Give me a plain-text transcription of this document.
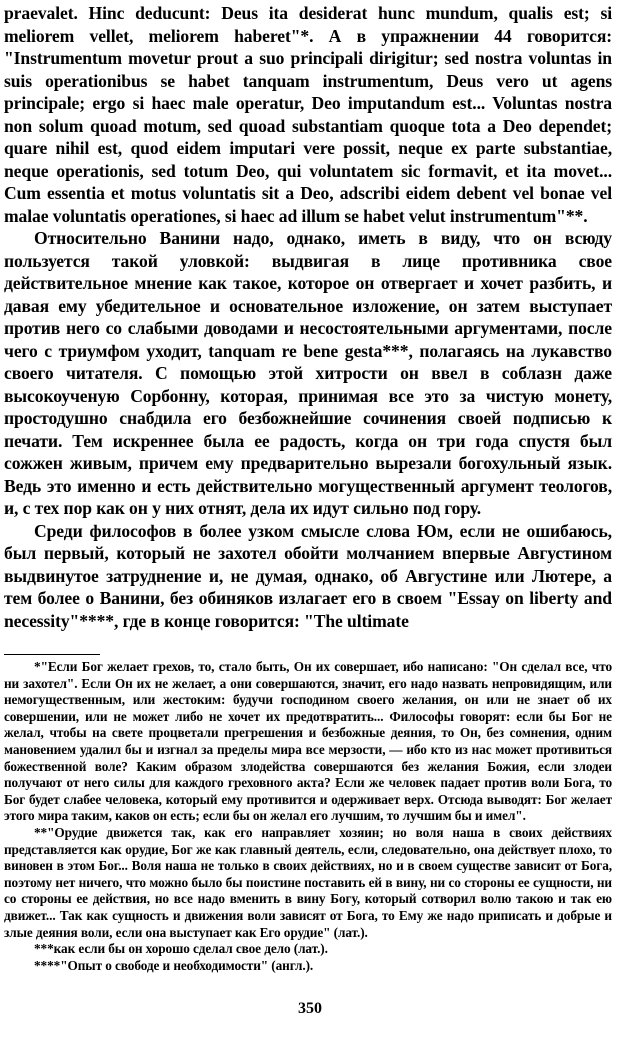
praevalet. Hinc deducunt: Deus ita desiderat hunc mundum, qualis est; si meliorem vellet, meliorem haberet"*. А в упражнении 44 говорится: "Instrumentum movetur prout a suo principali dirigitur; sed nostra voluntas in suis operationibus se habet tanquam instrumentum, Deus vero ut agens principale; ergo si haec male operatur, Deo imputandum est... Voluntas nostra non solum quoad motum, sed quoad substantiam quoque tota a Deo dependet; quare nihil est, quod eidem imputari vere possit, neque ex parte substantiae, neque operationis, sed totum Deo, qui voluntatem sic formavit, et ita movet... Cum essentia et motus voluntatis sit a Deo, adscribi eidem debent vel bonae vel malae voluntatis operationes, si haec ad illum se habet velut instrumentum"**.

Относительно Ванини надо, однако, иметь в виду, что он всюду пользуется такой уловкой: выдвигая в лице противника свое действительное мнение как такое, которое он отвергает и хочет разбить, и давая ему убедительное и основательное изложение, он затем выступает против него со слабыми доводами и несостоятельными аргументами, после чего с триумфом уходит, tanquam re bene gesta***, полагаясь на лукавство своего читателя. С помощью этой хитрости он ввел в соблазн даже высокоученую Сорбонну, которая, принимая все это за чистую монету, простодушно снабдила его безбожнейшие сочинения своей подписью к печати. Тем искреннее была ее радость, когда он три года спустя был сожжен живым, причем ему предварительно вырезали богохульный язык. Ведь это именно и есть действительно могущественный аргумент теологов, и, с тех пор как он у них отнят, дела их идут сильно под гору.

Среди философов в более узком смысле слова Юм, если не ошибаюсь, был первый, который не захотел обойти молчанием впервые Августином выдвинутое затруднение и, не думая, однако, об Августине или Лютере, а тем более о Ванини, без обиняков излагает его в своем "Essay on liberty and necessity"****, где в конце говорится: "The ultimate

*"Если Бог желает грехов, то, стало быть, Он их совершает, ибо написано: "Он сделал все, что ни захотел". Если Он их не желает, а они совершаются, значит, его надо назвать непровидящим, или немогущественным, или жестоким: будучи господином своего желания, он или не знает об их совершении, или не может либо не хочет их предотвратить... Философы говорят: если бы Бог не желал, чтобы на свете процветали прегрешения и безбожные деяния, то Он, без сомнения, одним мановением удалил бы и изгнал за пределы мира все мерзости, — ибо кто из нас может противиться божественной воле? Каким образом злодейства совершаются без желания Божия, если злодеи получают от него силы для каждого греховного акта? Если же человек падает против воли Бога, то Бог будет слабее человека, который ему противится и одерживает верх. Отсюда выводят: Бог желает этого мира таким, каков он есть; если бы он желал его лучшим, то лучшим бы и имел".

**"Орудие движется так, как его направляет хозяин; но воля наша в своих действиях представляется как орудие, Бог же как главный деятель, если, следовательно, она действует плохо, то виновен в этом Бог... Воля наша не только в своих действиях, но и в своем существе зависит от Бога, поэтому нет ничего, что можно было бы поистине поставить ей в вину, ни со стороны ее сущности, ни со стороны ее действия, но все надо вменить в вину Богу, который сотворил волю такою и так ею движет... Так как сущность и движения воли зависят от Бога, то Ему же надо приписать и добрые и злые деяния воли, если она выступает как Его орудие" (лат.).

***как если бы он хорошо сделал свое дело (лат.).

****"Опыт о свободе и необходимости" (англ.).

350
